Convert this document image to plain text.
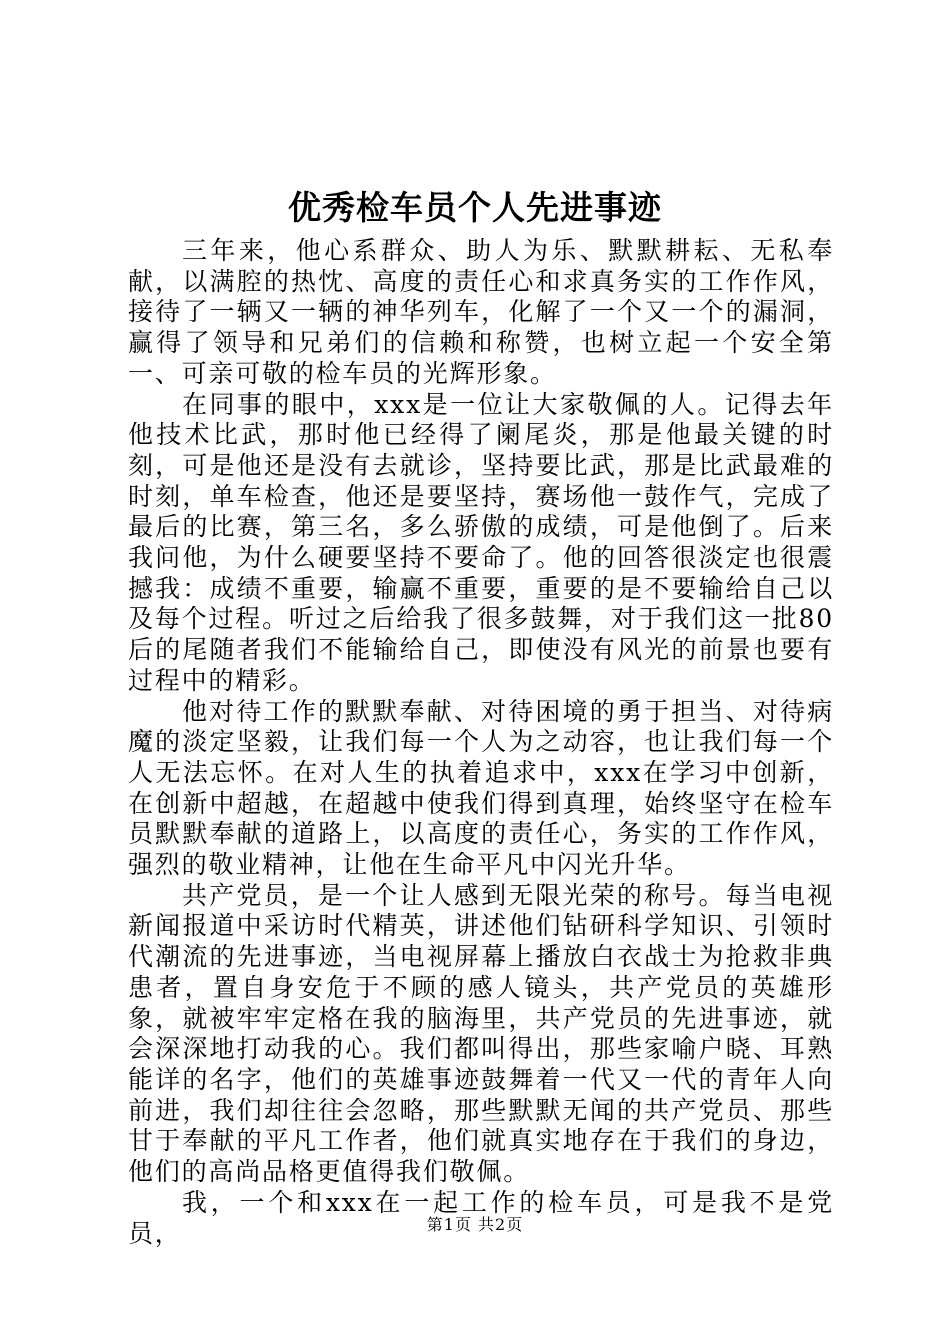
优秀检车员个人先进事迹

三年来，他心系群众、助人为乐、默默耕耘、无私奉献，以满腔的热忱、高度的责任心和求真务实的工作作风，接待了一辆又一辆的神华列车，化解了一个又一个的漏洞，赢得了领导和兄弟们的信赖和称赞，也树立起一个安全第一、可亲可敬的检车员的光辉形象。

在同事的眼中，xxx是一位让大家敬佩的人。记得去年他技术比武，那时他已经得了阑尾炎，那是他最关键的时刻，可是他还是没有去就诊，坚持要比武，那是比武最难的时刻，单车检查，他还是要坚持，赛场他一鼓作气，完成了最后的比赛，第三名，多么骄傲的成绩，可是他倒了。后来我问他，为什么硬要坚持不要命了。他的回答很淡定也很震撼我：成绩不重要，输赢不重要，重要的是不要输给自己以及每个过程。听过之后给我了很多鼓舞，对于我们这一批80后的尾随者我们不能输给自己，即使没有风光的前景也要有过程中的精彩。

他对待工作的默默奉献、对待困境的勇于担当、对待病魔的淡定坚毅，让我们每一个人为之动容，也让我们每一个人无法忘怀。在对人生的执着追求中，xxx在学习中创新，在创新中超越，在超越中使我们得到真理，始终坚守在检车员默默奉献的道路上，以高度的责任心，务实的工作作风，强烈的敬业精神，让他在生命平凡中闪光升华。

共产党员，是一个让人感到无限光荣的称号。每当电视新闻报道中采访时代精英，讲述他们钻研科学知识、引领时代潮流的先进事迹，当电视屏幕上播放白衣战士为抢救非典患者，置自身安危于不顾的感人镜头，共产党员的英雄形象，就被牢牢定格在我的脑海里，共产党员的先进事迹，就会深深地打动我的心。我们都叫得出，那些家喻户晓、耳熟能详的名字，他们的英雄事迹鼓舞着一代又一代的青年人向前进，我们却往往会忽略，那些默默无闻的共产党员、那些甘于奉献的平凡工作者，他们就真实地存在于我们的身边，他们的高尚品格更值得我们敬佩。

我，一个和xxx在一起工作的检车员，可是我不是党员，	第1页 共2页
